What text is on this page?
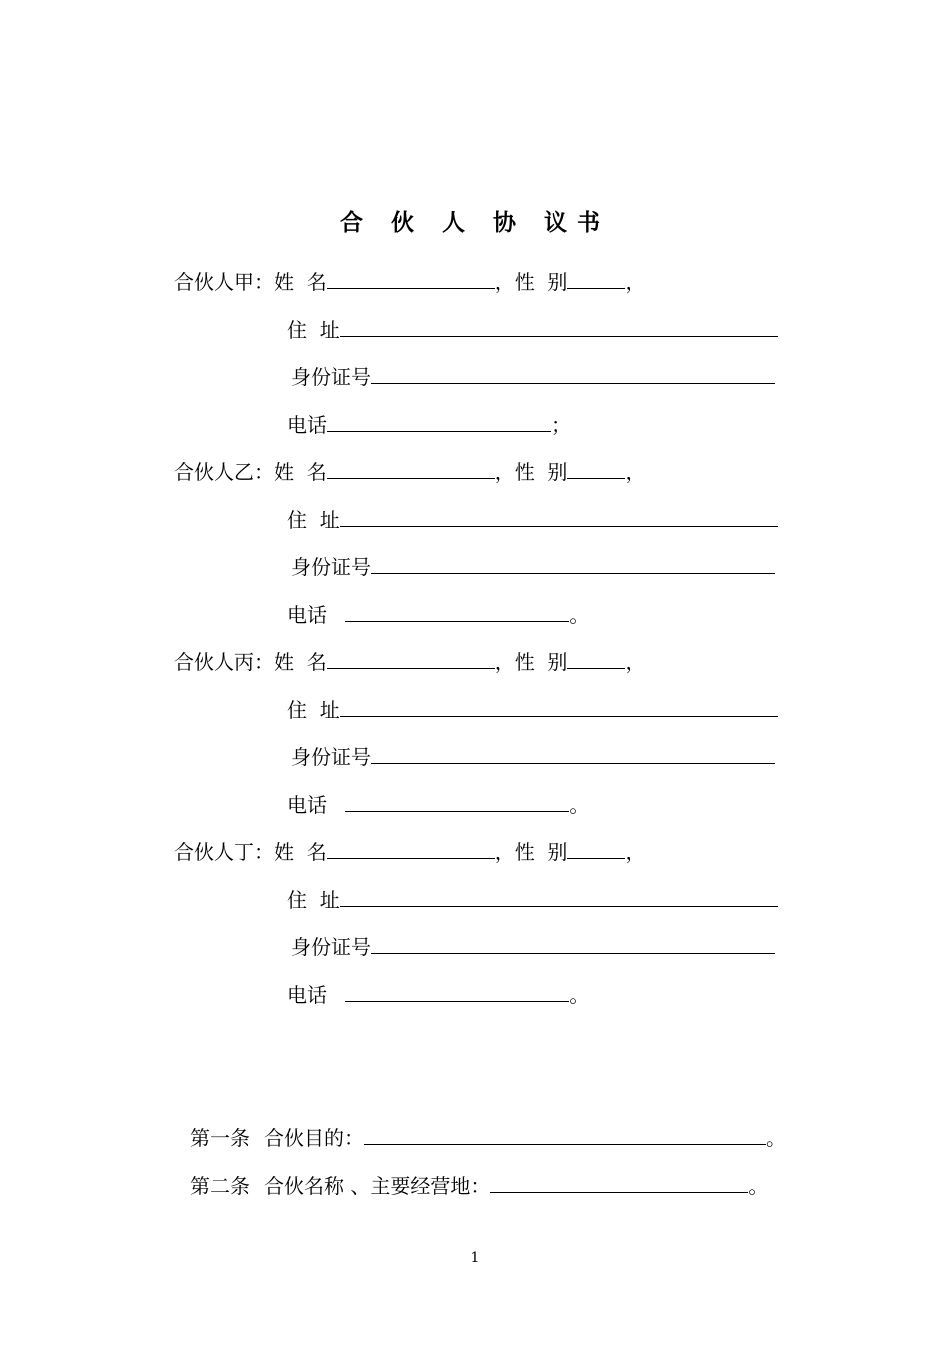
合 伙 人 协 议书
合伙人甲：姓  名	，性  别	，
住  址
身份证号
电话	；
合伙人乙：姓  名	，性  别	，
住  址
身份证号
电话	。
合伙人丙：姓  名	，性  别	，
住  址
身份证号
电话	。
合伙人丁：姓  名	，性  别	，
住  址
身份证号
电话	。
第一条 合伙目的：	。
第二条 合伙名称 、主要经营地：	。
1
